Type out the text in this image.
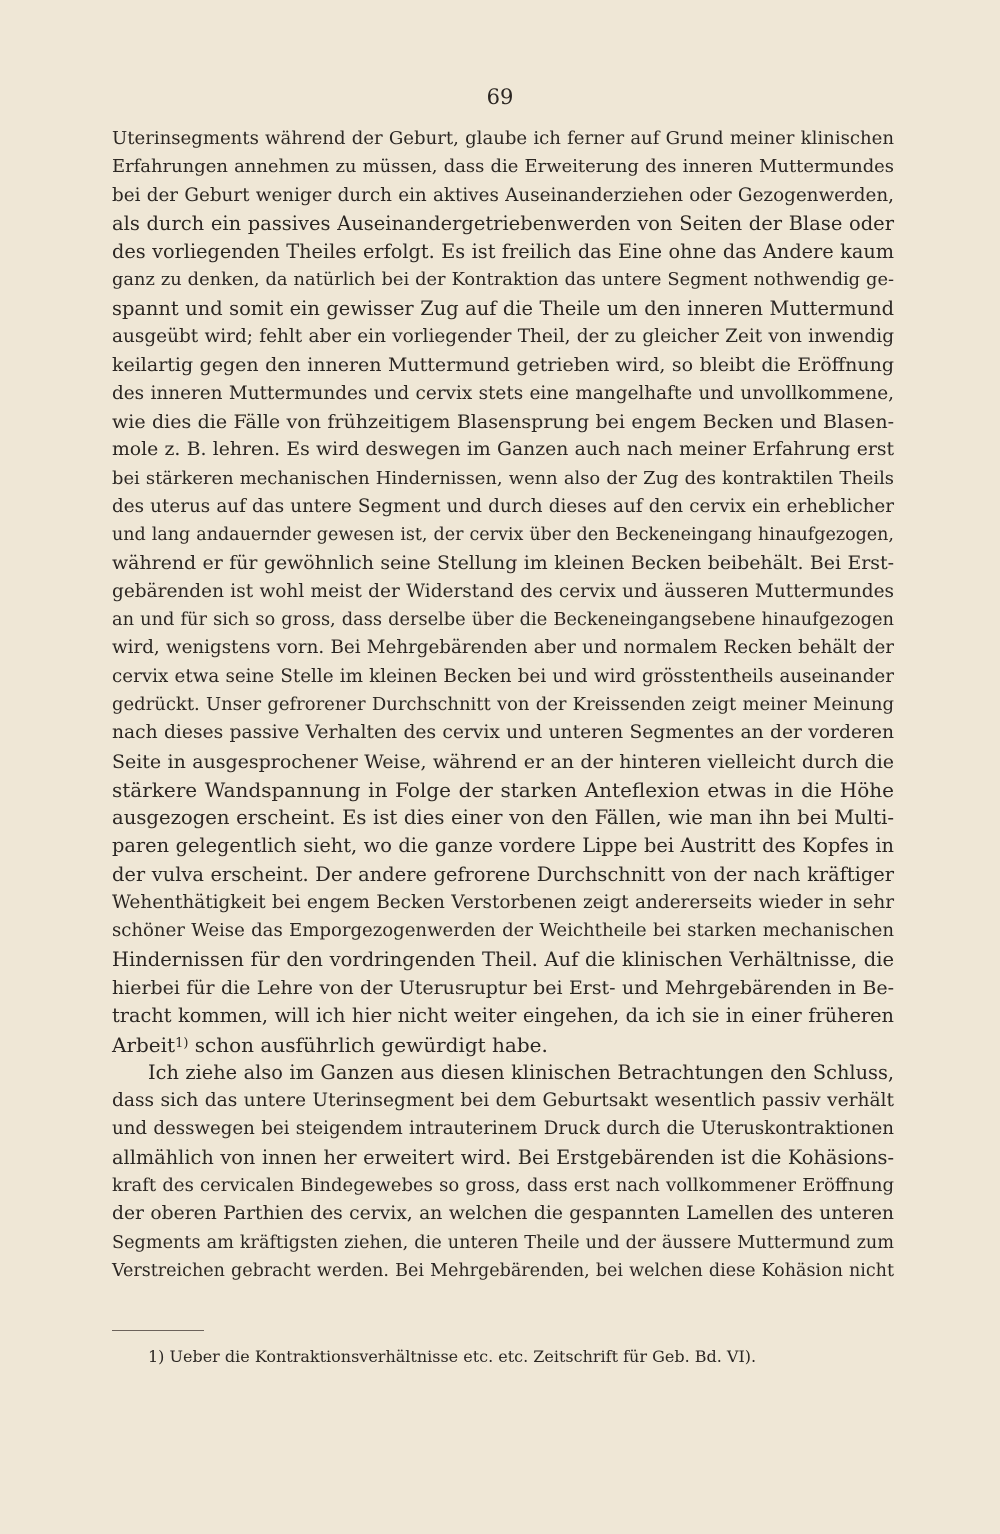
69
Uterinsegments während der Geburt, glaube ich ferner auf Grund meiner klinischen
Erfahrungen annehmen zu müssen, dass die Erweiterung des inneren Muttermundes
bei der Geburt weniger durch ein aktives Auseinanderziehen oder Gezogenwerden,
als durch ein passives Auseinandergetriebenwerden von Seiten der Blase oder
des vorliegenden Theiles erfolgt. Es ist freilich das Eine ohne das Andere kaum
ganz zu denken, da natürlich bei der Kontraktion das untere Segment nothwendig ge-
spannt und somit ein gewisser Zug auf die Theile um den inneren Muttermund
ausgeübt wird; fehlt aber ein vorliegender Theil, der zu gleicher Zeit von inwendig
keilartig gegen den inneren Muttermund getrieben wird, so bleibt die Eröffnung
des inneren Muttermundes und cervix stets eine mangelhafte und unvollkommene,
wie dies die Fälle von frühzeitigem Blasensprung bei engem Becken und Blasen-
mole z. B. lehren. Es wird deswegen im Ganzen auch nach meiner Erfahrung erst
bei stärkeren mechanischen Hindernissen, wenn also der Zug des kontraktilen Theils
des uterus auf das untere Segment und durch dieses auf den cervix ein erheblicher
und lang andauernder gewesen ist, der cervix über den Beckeneingang hinaufgezogen,
während er für gewöhnlich seine Stellung im kleinen Becken beibehält. Bei Erst-
gebärenden ist wohl meist der Widerstand des cervix und äusseren Muttermundes
an und für sich so gross, dass derselbe über die Beckeneingangsebene hinaufgezogen
wird, wenigstens vorn. Bei Mehrgebärenden aber und normalem Recken behält der
cervix etwa seine Stelle im kleinen Becken bei und wird grösstentheils auseinander
gedrückt. Unser gefrorener Durchschnitt von der Kreissenden zeigt meiner Meinung
nach dieses passive Verhalten des cervix und unteren Segmentes an der vorderen
Seite in ausgesprochener Weise, während er an der hinteren vielleicht durch die
stärkere Wandspannung in Folge der starken Anteflexion etwas in die Höhe
ausgezogen erscheint. Es ist dies einer von den Fällen, wie man ihn bei Multi-
paren gelegentlich sieht, wo die ganze vordere Lippe bei Austritt des Kopfes in
der vulva erscheint. Der andere gefrorene Durchschnitt von der nach kräftiger
Wehenthätigkeit bei engem Becken Verstorbenen zeigt andererseits wieder in sehr
schöner Weise das Emporgezogenwerden der Weichtheile bei starken mechanischen
Hindernissen für den vordringenden Theil. Auf die klinischen Verhältnisse, die
hierbei für die Lehre von der Uterusruptur bei Erst- und Mehrgebärenden in Be-
tracht kommen, will ich hier nicht weiter eingehen, da ich sie in einer früheren
Arbeit$^{1)}$ schon ausführlich gewürdigt habe.
Ich ziehe also im Ganzen aus diesen klinischen Betrachtungen den Schluss,
dass sich das untere Uterinsegment bei dem Geburtsakt wesentlich passiv verhält
und desswegen bei steigendem intrauterinem Druck durch die Uteruskontraktionen
allmählich von innen her erweitert wird. Bei Erstgebärenden ist die Kohäsions-
kraft des cervicalen Bindegewebes so gross, dass erst nach vollkommener Eröffnung
der oberen Parthien des cervix, an welchen die gespannten Lamellen des unteren
Segments am kräftigsten ziehen, die unteren Theile und der äussere Muttermund zum
Verstreichen gebracht werden. Bei Mehrgebärenden, bei welchen diese Kohäsion nicht
1) Ueber die Kontraktionsverhältnisse etc. etc. Zeitschrift für Geb. Bd. VI).
